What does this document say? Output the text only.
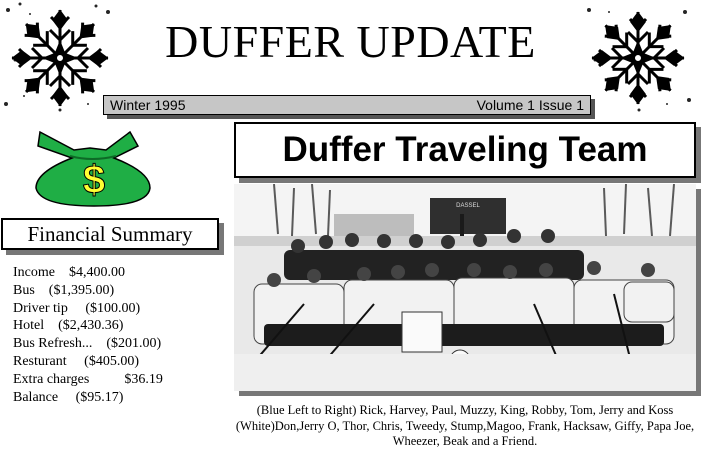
DUFFER UPDATE
Winter 1995	Volume 1 Issue 1
Duffer Traveling Team
$
Financial Summary
Income    $4,400.00
Bus    ($1,395.00)
Driver tip     ($100.00)
Hotel    ($2,430.36)
Bus Refresh...    ($201.00)
Resturant     ($405.00)
Extra charges          $36.19
Balance     ($95.17)
DASSEL
(Blue Left to Right) Rick, Harvey, Paul, Muzzy, King, Robby, Tom, Jerry and Koss (White)Don,Jerry O, Thor, Chris, Tweedy, Stump,Magoo, Frank, Hacksaw, Giffy, Papa Joe, Wheezer, Beak and a Friend.
